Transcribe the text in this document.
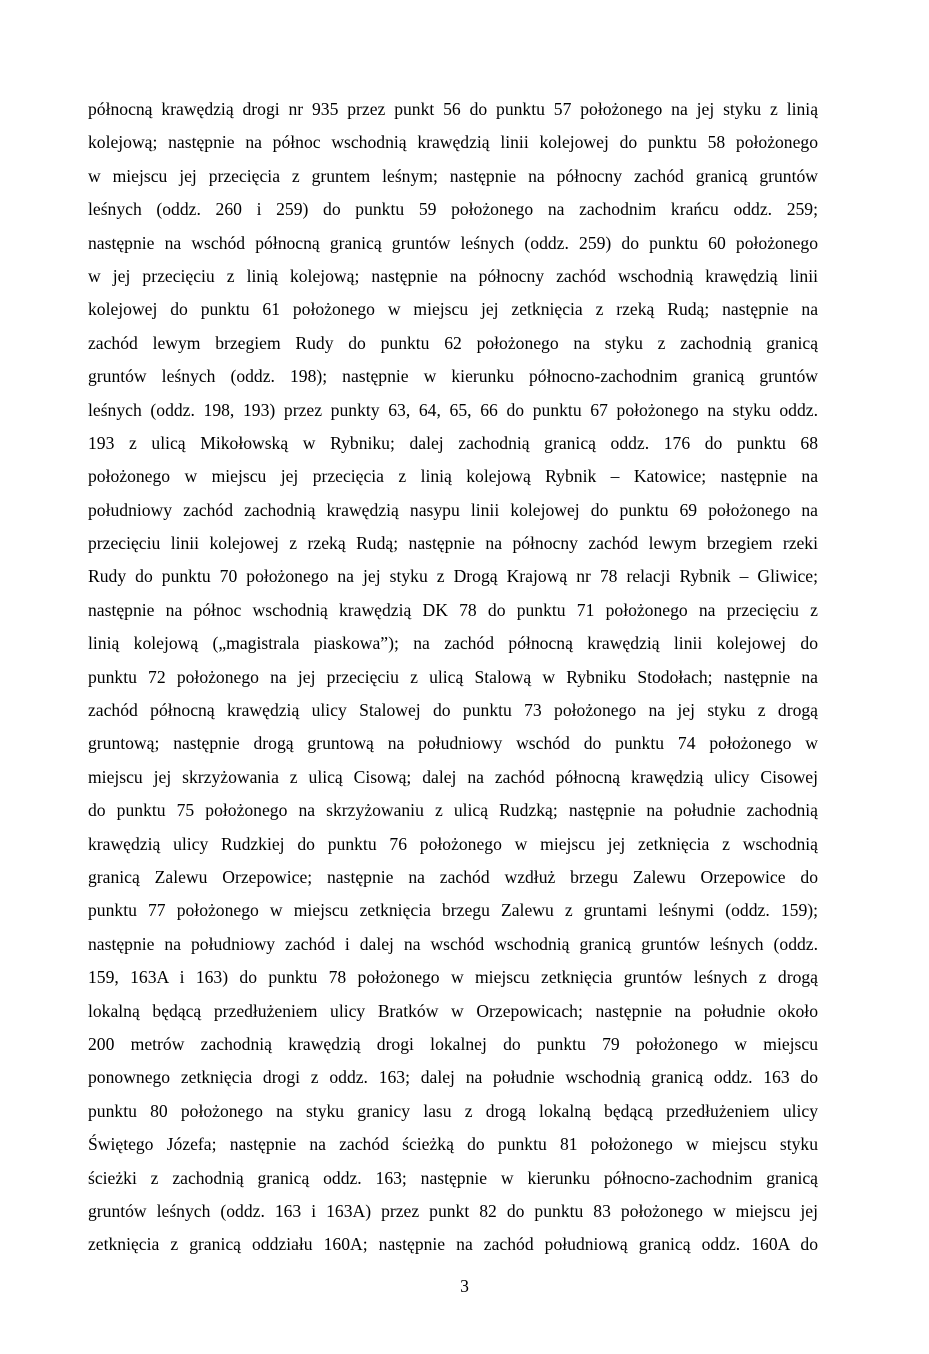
północną krawędzią drogi nr 935 przez punkt 56 do punktu 57 położonego na jej styku z linią
kolejową; następnie na północ wschodnią krawędzią linii kolejowej do punktu 58 położonego
w miejscu jej przecięcia z gruntem leśnym; następnie na północny zachód granicą gruntów
leśnych (oddz. 260 i 259) do punktu 59 położonego na zachodnim krańcu oddz. 259;
następnie na wschód północną granicą gruntów leśnych (oddz. 259) do punktu 60 położonego
w jej przecięciu z linią kolejową; następnie na północny zachód wschodnią krawędzią linii
kolejowej do punktu 61 położonego w miejscu jej zetknięcia z rzeką Rudą; następnie na
zachód lewym brzegiem Rudy do punktu 62 położonego na styku z zachodnią granicą
gruntów leśnych (oddz. 198); następnie w kierunku północno-zachodnim granicą gruntów
leśnych (oddz. 198, 193) przez punkty 63, 64, 65, 66 do punktu 67 położonego na styku oddz.
193 z ulicą Mikołowską w Rybniku; dalej zachodnią granicą oddz. 176 do punktu 68
położonego w miejscu jej przecięcia z linią kolejową Rybnik – Katowice; następnie na
południowy zachód zachodnią krawędzią nasypu linii kolejowej do punktu 69 położonego na
przecięciu linii kolejowej z rzeką Rudą; następnie na północny zachód lewym brzegiem rzeki
Rudy do punktu 70 położonego na jej styku z Drogą Krajową nr 78 relacji Rybnik – Gliwice;
następnie na północ wschodnią krawędzią DK 78 do punktu 71 położonego na przecięciu z
linią kolejową („magistrala piaskowa”); na zachód północną krawędzią linii kolejowej do
punktu 72 położonego na jej przecięciu z ulicą Stalową w Rybniku Stodołach; następnie na
zachód północną krawędzią ulicy Stalowej do punktu 73 położonego na jej styku z drogą
gruntową; następnie drogą gruntową na południowy wschód do punktu 74 położonego w
miejscu jej skrzyżowania z ulicą Cisową; dalej na zachód północną krawędzią ulicy Cisowej
do punktu 75 położonego na skrzyżowaniu z ulicą Rudzką; następnie na południe zachodnią
krawędzią ulicy Rudzkiej do punktu 76 położonego w miejscu jej zetknięcia z wschodnią
granicą Zalewu Orzepowice; następnie na zachód wzdłuż brzegu Zalewu Orzepowice do
punktu 77 położonego w miejscu zetknięcia brzegu Zalewu z gruntami leśnymi (oddz. 159);
następnie na południowy zachód i dalej na wschód wschodnią granicą gruntów leśnych (oddz.
159, 163A i 163) do punktu 78 położonego w miejscu zetknięcia gruntów leśnych z drogą
lokalną będącą przedłużeniem ulicy Bratków w Orzepowicach; następnie na południe około
200 metrów zachodnią krawędzią drogi lokalnej do punktu 79 położonego w miejscu
ponownego zetknięcia drogi z oddz. 163; dalej na południe wschodnią granicą oddz. 163 do
punktu 80 położonego na styku granicy lasu z drogą lokalną będącą przedłużeniem ulicy
Świętego Józefa; następnie na zachód ścieżką do punktu 81 położonego w miejscu styku
ścieżki z zachodnią granicą oddz. 163; następnie w kierunku północno-zachodnim granicą
gruntów leśnych (oddz. 163 i 163A) przez punkt 82 do punktu 83 położonego w miejscu jej
zetknięcia z granicą oddziału 160A; następnie na zachód południową granicą oddz. 160A do
3
